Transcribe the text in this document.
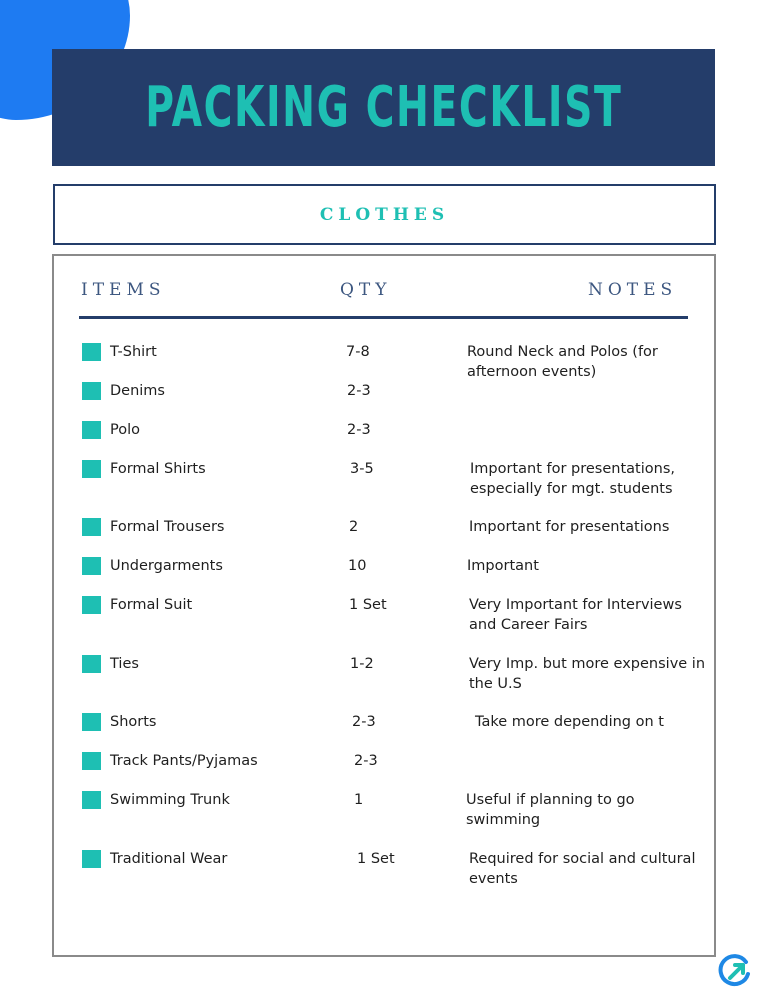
PACKING CHECKLIST
CLOTHES
ITEMS	QTY	NOTES
T-Shirt	7-8	Round Neck and Polos (for afternoon events)
Denims	2-3
Polo	2-3
Formal Shirts	3-5	Important for presentations, especially for mgt. students
Formal Trousers	2	Important for presentations
Undergarments	10	Important
Formal Suit	1 Set	Very Important for Interviews and Career Fairs
Ties	1-2	Very Imp. but more expensive in the U.S
Shorts	2-3	Take more depending on t
Track Pants/Pyjamas	2-3
Swimming Trunk	1	Useful if planning to go swimming
Traditional Wear	1 Set	Required for social and cultural events
